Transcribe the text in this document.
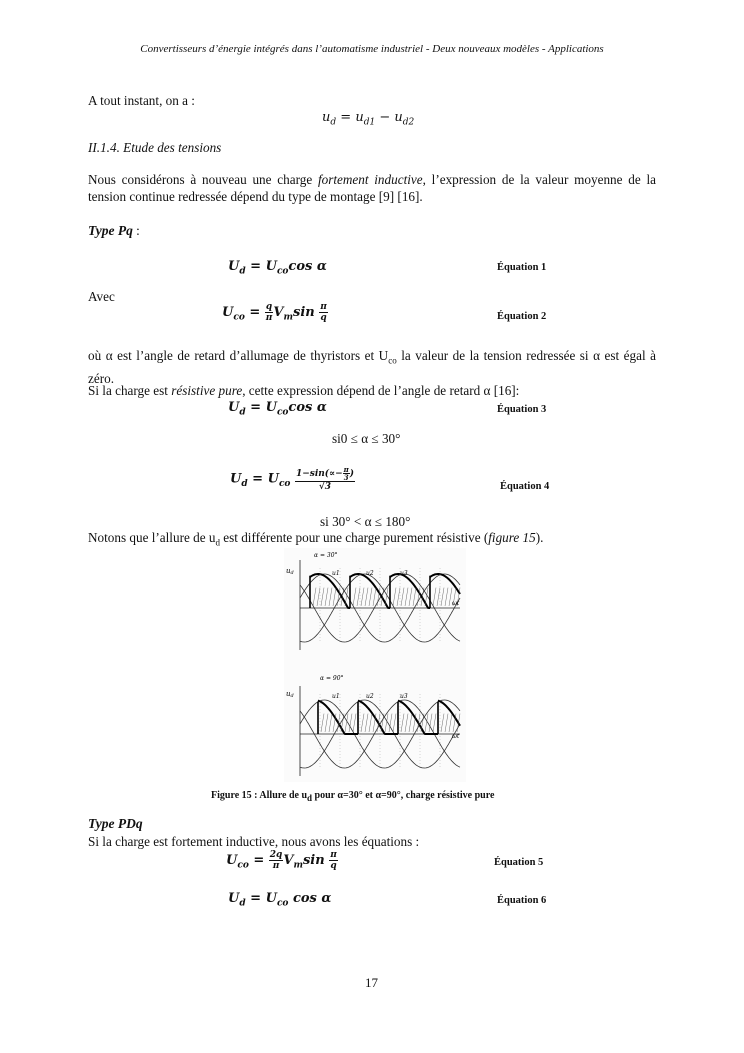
Convertisseurs d’énergie intégrés dans l’automatisme industriel - Deux nouveaux modèles - Applications
A tout instant, on a :
$u_d = u_{d1} - u_{d2}$
II.1.4. Etude des tensions
Nous considérons à nouveau une charge fortement inductive, l’expression de la valeur moyenne de la tension continue redressée dépend du type de montage [9] [16].
Type Pq :
$U_d = U_{co}\cos$ α	Équation 1
Avec
$U_{co} = \frac{q}{\pi} V_m\sin \frac{\pi}{q}$	Équation 2
où α est l’angle de retard d’allumage de thyristors et $U_{co}$ la valeur de la tension redressée si α est égal à zéro.
Si la charge est résistive pure, cette expression dépend de l’angle de retard α [16]:
$U_d = U_{co}\cos$ α	Équation 3
si0 ≤ α ≤ 30°
$U_d = U_{co} \frac{1-\sin(\propto- \frac{\pi}{3} )}{√3}$	Équation 4
si 30° < α ≤ 180°
Notons que l’allure de $u_d$ est différente pour une charge purement résistive (figure 15).
α = 30°
ud
ωt
u1	u2	u3
α = 90°
ud
ωt
u1	u2	u3
Figure 15 : Allure de $u_d$ pour α=30° et α=90°, charge résistive pure
Type PDq
Si la charge est fortement inductive, nous avons les équations :
$U_{co} = \frac{2q}{\pi} V_m\sin \frac{\pi}{q}$	Équation 5
$U_d = U_{co}$ cos α	Équation 6
17
